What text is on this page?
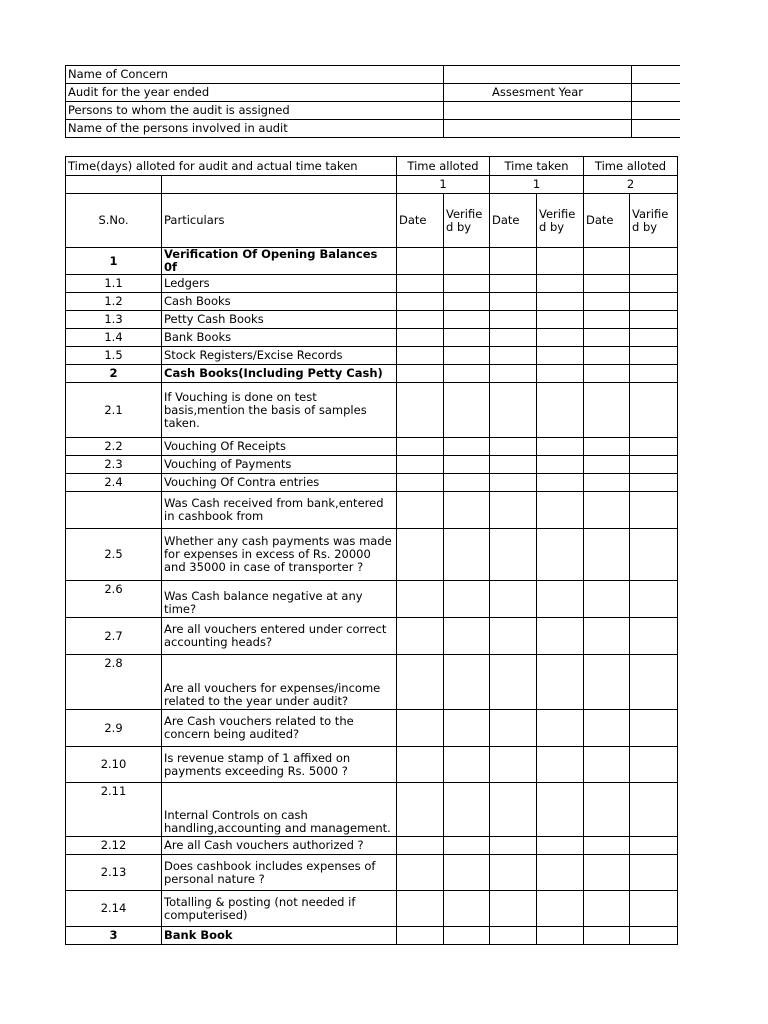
Name of Concern		
Audit for the year ended	Assesment Year	
Persons to whom the audit is assigned		
Name of the persons involved in audit		
Time(days) alloted for audit and actual time taken		Time alloted		Time taken		Time alloted	
		1		1		2	
S.No.	Particulars	Date	Verifie d by	Date	Verifie d by	Date	Varifie d by
1	Verification Of Opening Balances 0f						
1.1	Ledgers						
1.2	Cash Books						
1.3	Petty Cash Books						
1.4	Bank Books						
1.5	Stock Registers/Excise Records						
2	Cash Books(Including Petty Cash)						
2.1	If Vouching is done on test basis,mention the basis of samples taken.						
2.2	Vouching Of Receipts						
2.3	Vouching of Payments						
2.4	Vouching Of Contra entries						
	Was Cash received from bank,entered in cashbook from						
2.5	Whether any cash payments was made for expenses in excess of Rs. 20000 and 35000 in case of transporter ?						
2.6	Was Cash balance negative at any time?						
2.7	Are all vouchers entered under correct accounting heads?						
2.8	Are all vouchers for expenses/income related to the year under audit?						
2.9	Are Cash vouchers related to the concern being audited?						
2.10	Is revenue stamp of 1 affixed on payments exceeding Rs. 5000 ?						
2.11	Internal Controls on cash handling,accounting and management.						
2.12	Are all Cash vouchers authorized ?						
2.13	Does cashbook includes expenses of personal nature ?						
2.14	Totalling & posting (not needed if computerised)						
3	Bank Book						
